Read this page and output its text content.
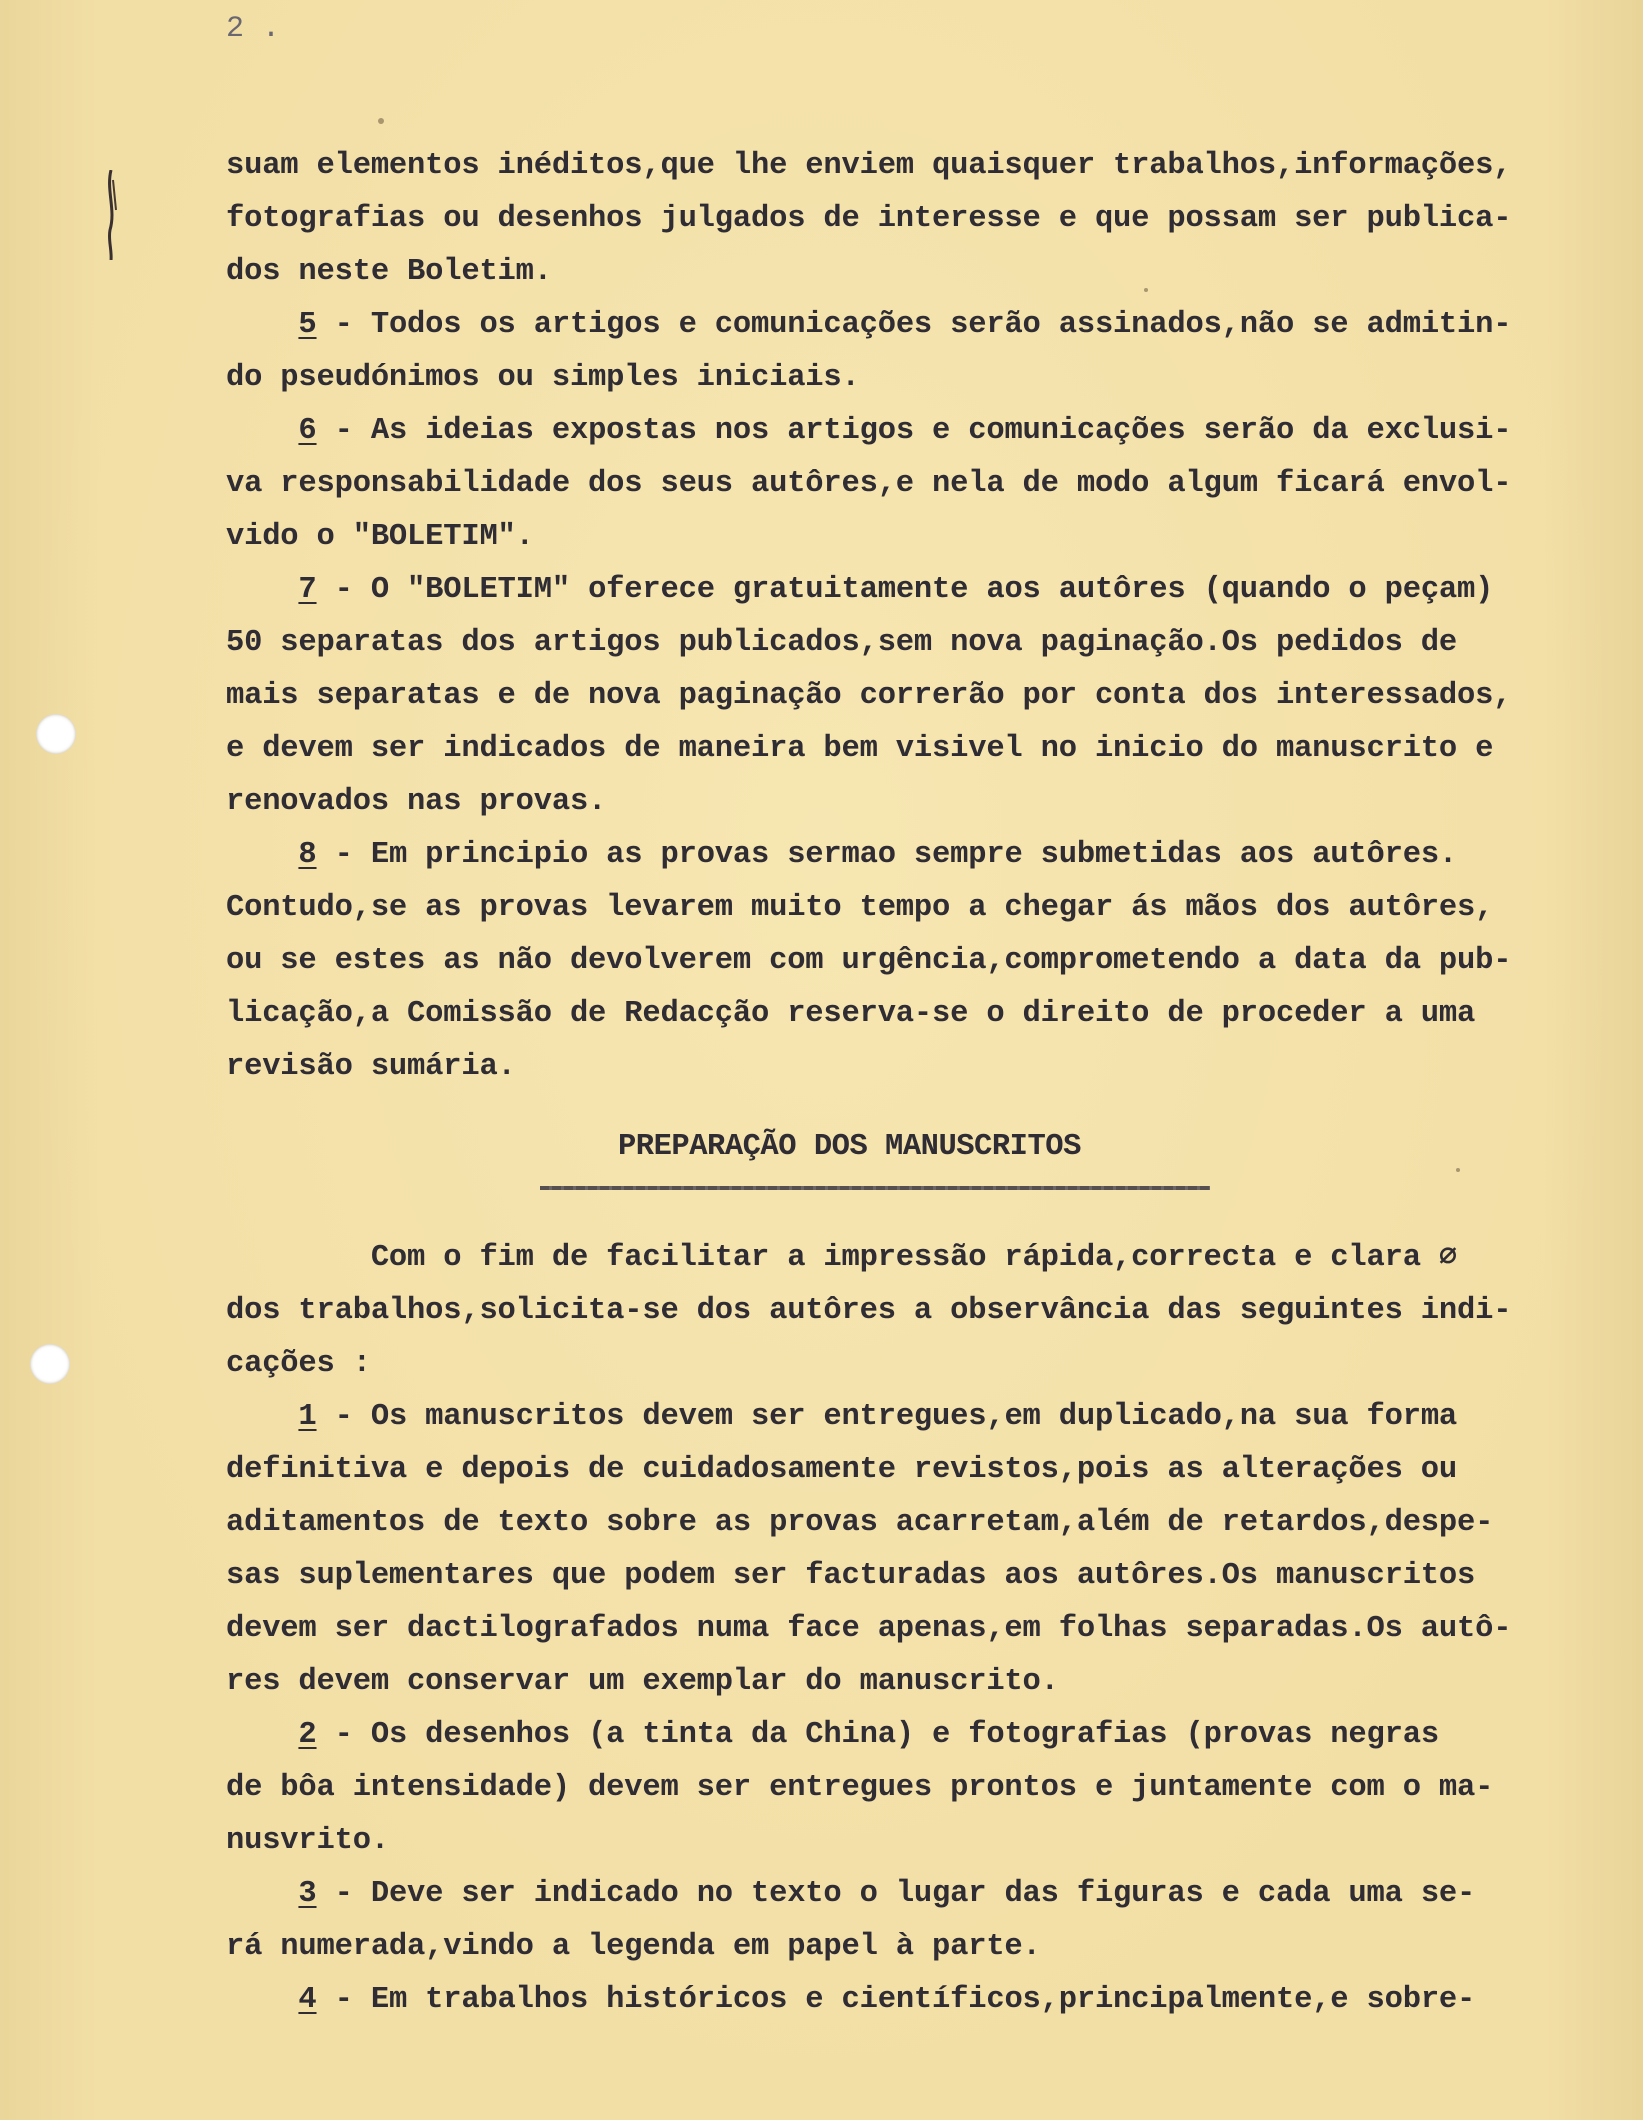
2 .
suam elementos inéditos,que lhe enviem quaisquer trabalhos,informações,
fotografias ou desenhos julgados de interesse e que possam ser publica-
dos neste Boletim.
5 - Todos os artigos e comunicações serão assinados,não se admitin-
do pseudónimos ou simples iniciais.
6 - As ideias expostas nos artigos e comunicações serão da exclusi-
va responsabilidade dos seus autôres,e nela de modo algum ficará envol-
vido o "BOLETIM".
7 - O "BOLETIM" oferece gratuitamente aos autôres (quando o peçam)
50 separatas dos artigos publicados,sem nova paginação.Os pedidos de
mais separatas e de nova paginação correrão por conta dos interessados,
e devem ser indicados de maneira bem visivel no inicio do manuscrito e
renovados nas provas.
8 - Em principio as provas sermao sempre submetidas aos autôres.
Contudo,se as provas levarem muito tempo a chegar ás mãos dos autôres,
ou se estes as não devolverem com urgência,comprometendo a data da pub-
licação,a Comissão de Redacção reserva-se o direito de proceder a uma
revisão sumária.
PREPARAÇÃO DOS MANUSCRITOS
Com o fim de facilitar a impressão rápida,correcta e clara ∅
dos trabalhos,solicita-se dos autôres a observância das seguintes indi-
cações :
1 - Os manuscritos devem ser entregues,em duplicado,na sua forma
definitiva e depois de cuidadosamente revistos,pois as alterações ou
aditamentos de texto sobre as provas acarretam,além de retardos,despe-
sas suplementares que podem ser facturadas aos autôres.Os manuscritos
devem ser dactilografados numa face apenas,em folhas separadas.Os autô-
res devem conservar um exemplar do manuscrito.
2 - Os desenhos (a tinta da China) e fotografias (provas negras
de bôa intensidade) devem ser entregues prontos e juntamente com o ma-
nusvrito.
3 - Deve ser indicado no texto o lugar das figuras e cada uma se-
rá numerada,vindo a legenda em papel à parte.
4 - Em trabalhos históricos e científicos,principalmente,e sobre-
